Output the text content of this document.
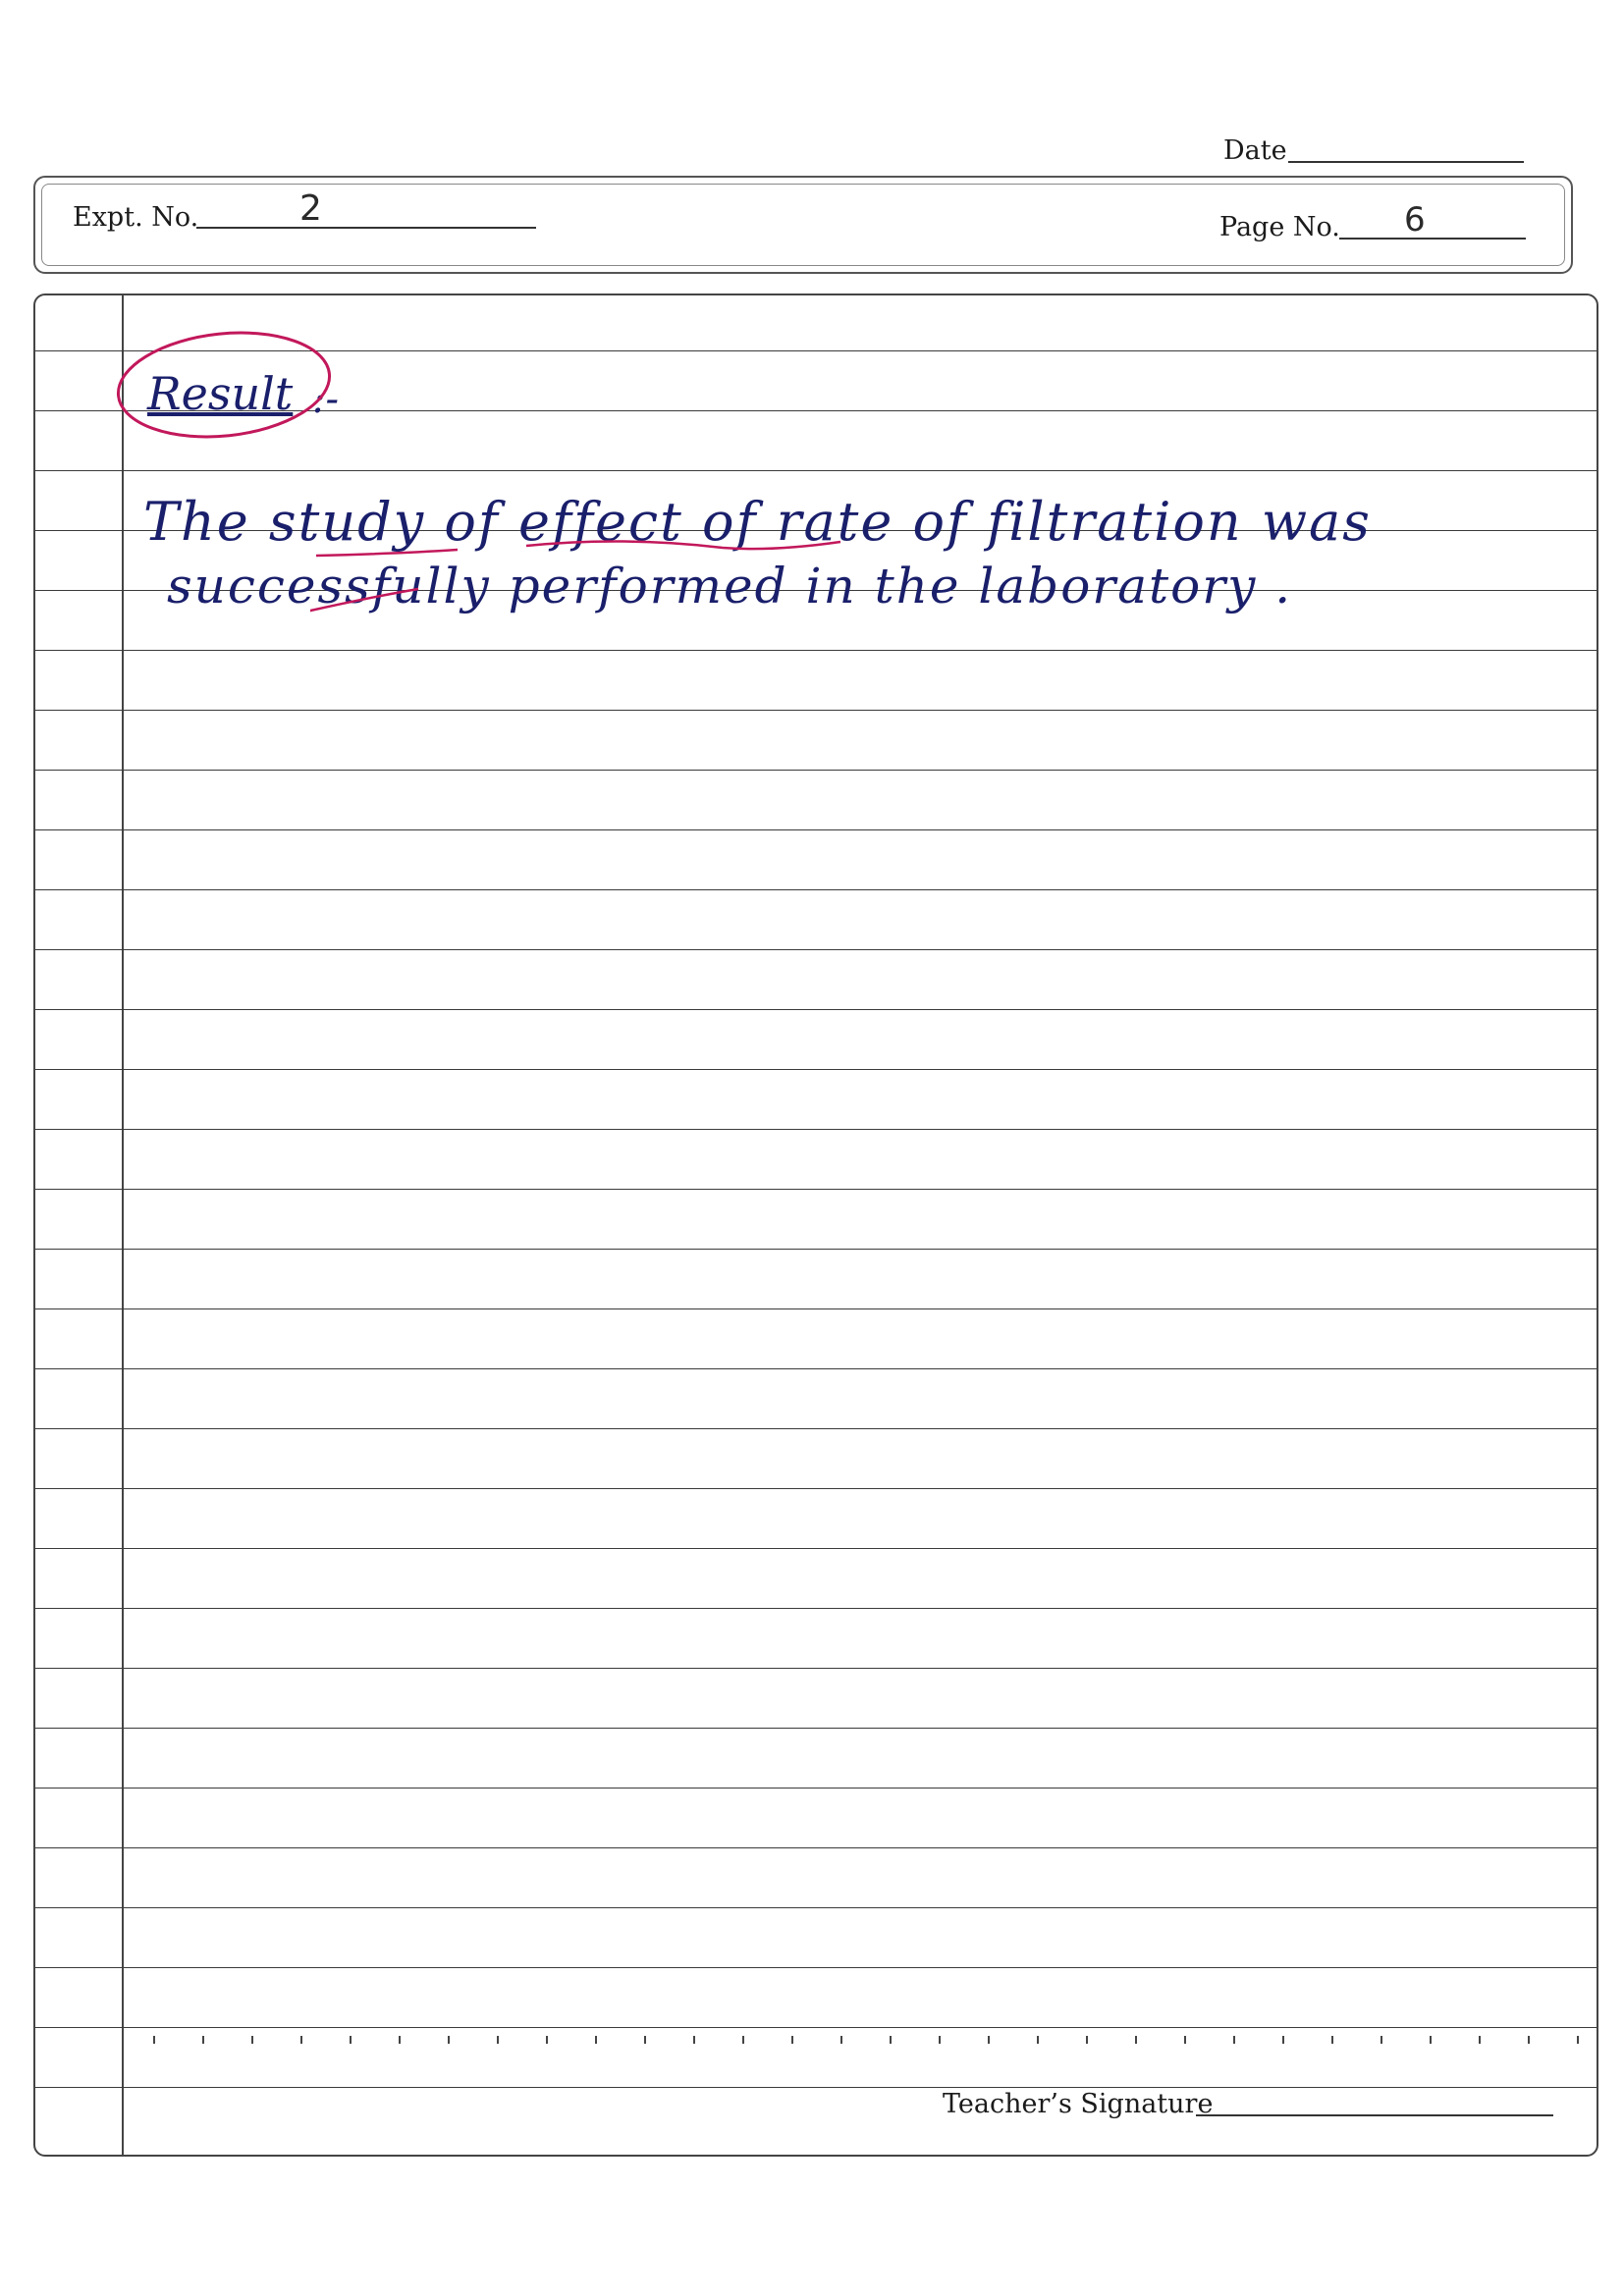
Date
Expt. No.	2	Page No. 6
Result :-
The study of effect of rate of filtration was
successfully performed in the laboratory .
Teacher’s Signature
